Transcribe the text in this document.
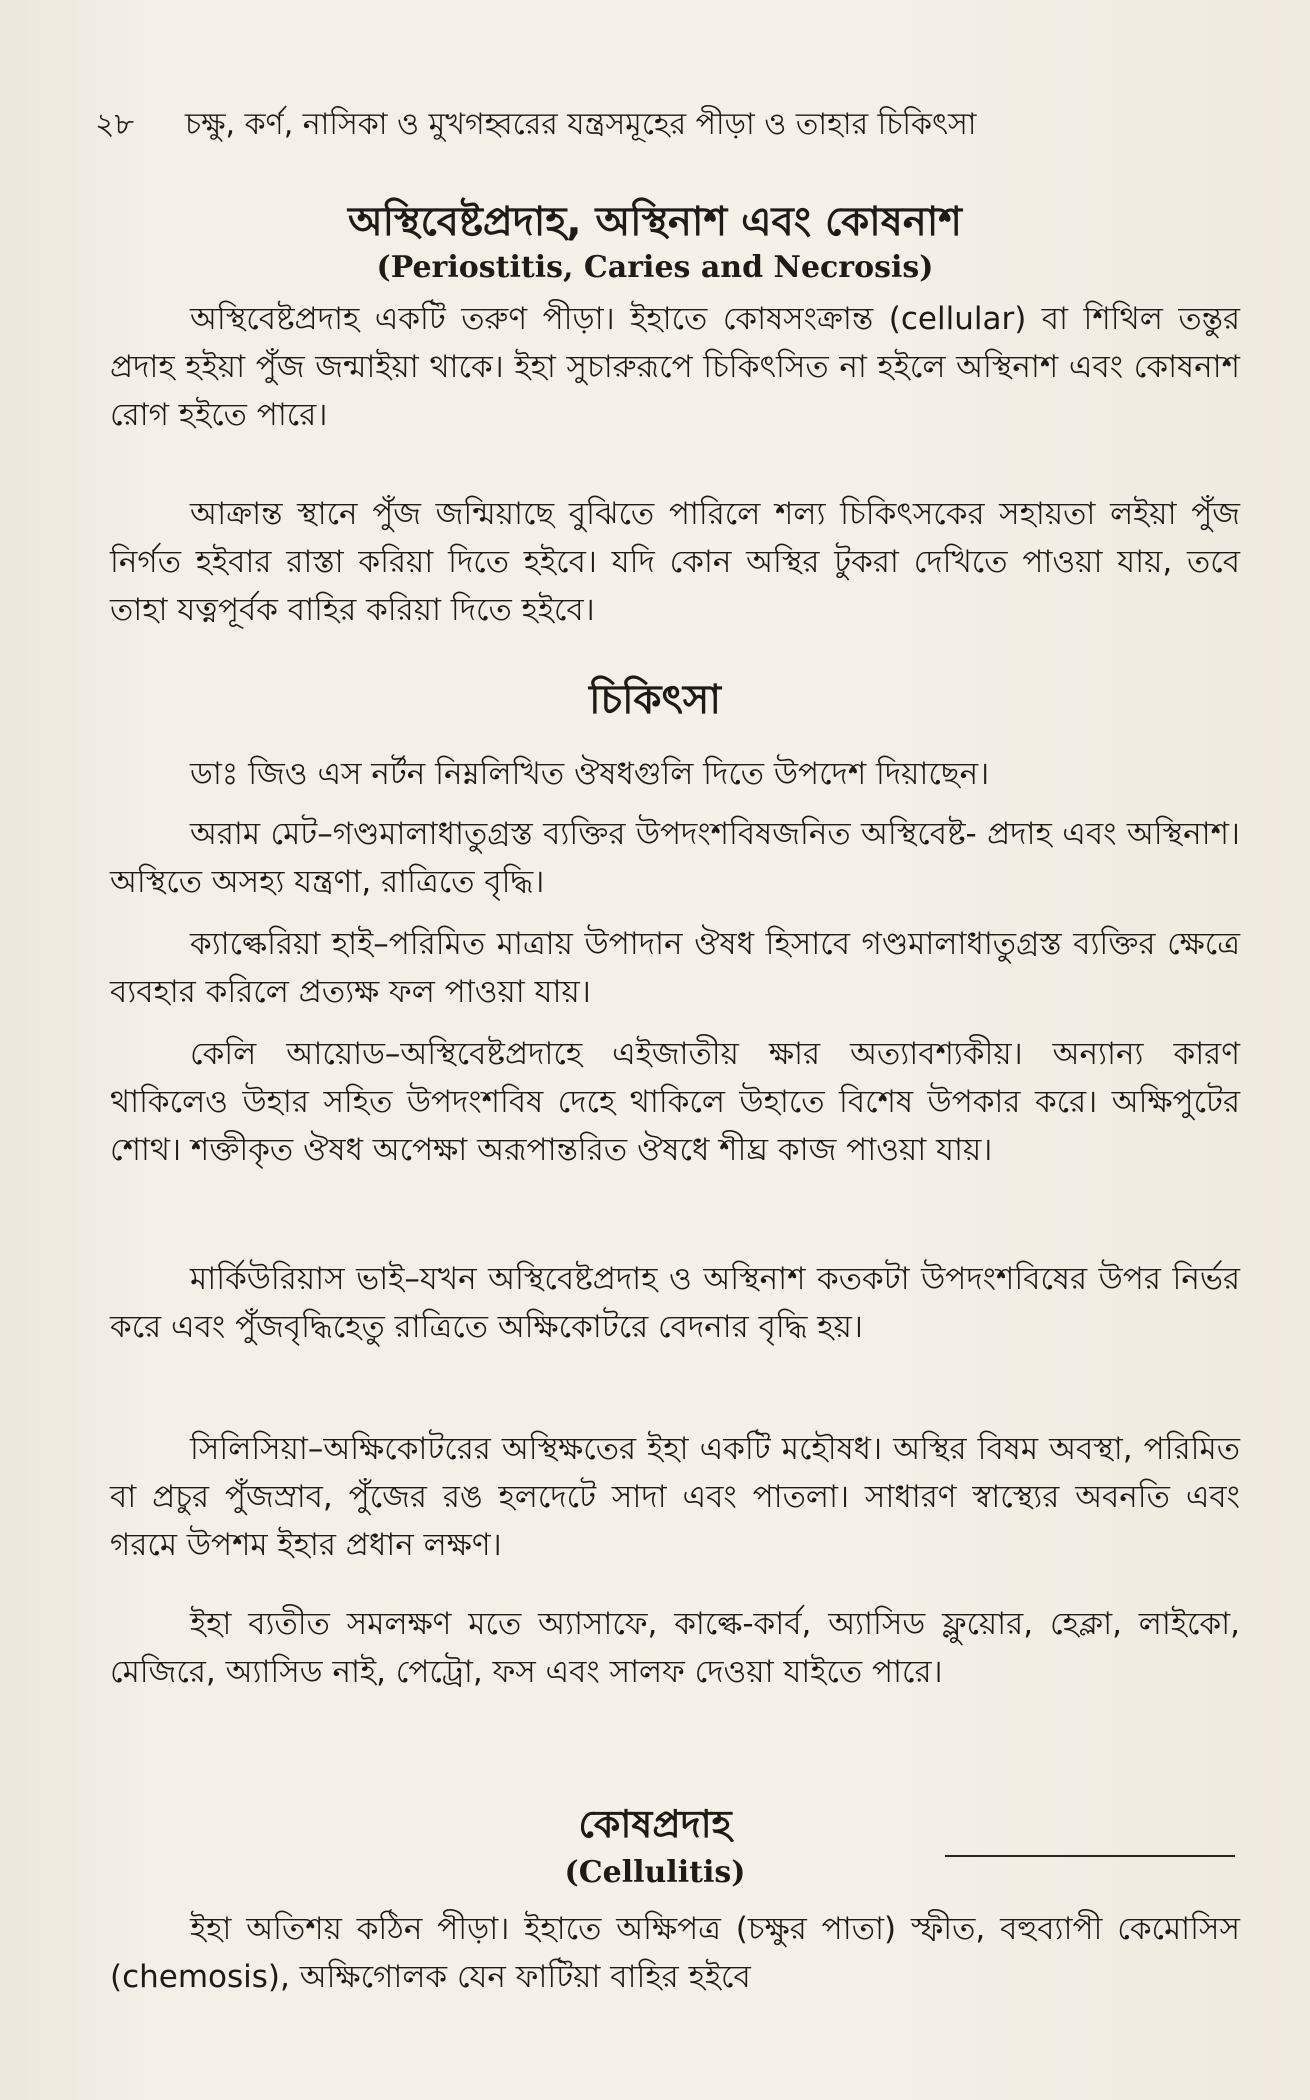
২৮	চক্ষু, কর্ণ, নাসিকা ও মুখগহ্বরের যন্ত্রসমূহের পীড়া ও তাহার চিকিৎসা
অস্থিবেষ্টপ্রদাহ, অস্থিনাশ এবং কোষনাশ
(Periostitis, Caries and Necrosis)

অস্থিবেষ্টপ্রদাহ একটি তরুণ পীড়া। ইহাতে কোষসংক্রান্ত (cellular) বা শিথিল তন্তুর প্রদাহ হইয়া পুঁজ জন্মাইয়া থাকে। ইহা সুচারুরূপে চিকিৎসিত না হইলে অস্থিনাশ এবং কোষনাশ রোগ হইতে পারে।

আক্রান্ত স্থানে পুঁজ জন্মিয়াছে বুঝিতে পারিলে শল্য চিকিৎসকের সহায়তা লইয়া পুঁজ নির্গত হইবার রাস্তা করিয়া দিতে হইবে। যদি কোন অস্থির টুকরা দেখিতে পাওয়া যায়, তবে তাহা যত্নপূর্বক বাহির করিয়া দিতে হইবে।

চিকিৎসা

ডাঃ জিও এস নর্টন নিম্নলিখিত ঔষধগুলি দিতে উপদেশ দিয়াছেন।

অরাম মেট–গণ্ডমালাধাতুগ্রস্ত ব্যক্তির উপদংশবিষজনিত অস্থিবেষ্ট- প্রদাহ এবং অস্থিনাশ। অস্থিতে অসহ্য যন্ত্রণা, রাত্রিতে বৃদ্ধি।

ক্যাল্কেরিয়া হাই–পরিমিত মাত্রায় উপাদান ঔষধ হিসাবে গণ্ডমালাধাতুগ্রস্ত ব্যক্তির ক্ষেত্রে ব্যবহার করিলে প্রত্যক্ষ ফল পাওয়া যায়।

কেলি আয়োড–অস্থিবেষ্টপ্রদাহে এইজাতীয় ক্ষার অত্যাবশ্যকীয়। অন্যান্য কারণ থাকিলেও উহার সহিত উপদংশবিষ দেহে থাকিলে উহাতে বিশেষ উপকার করে। অক্ষিপুটের শোথ। শক্তীকৃত ঔষধ অপেক্ষা অরূপান্তরিত ঔষধে শীঘ্র কাজ পাওয়া যায়।

মার্কিউরিয়াস ভাই–যখন অস্থিবেষ্টপ্রদাহ ও অস্থিনাশ কতকটা উপদংশবিষের উপর নির্ভর করে এবং পুঁজবৃদ্ধিহেতু রাত্রিতে অক্ষিকোটরে বেদনার বৃদ্ধি হয়।

সিলিসিয়া–অক্ষিকোটরের অস্থিক্ষতের ইহা একটি মহৌষধ। অস্থির বিষম অবস্থা, পরিমিত বা প্রচুর পুঁজস্রাব, পুঁজের রঙ হলদেটে সাদা এবং পাতলা। সাধারণ স্বাস্থ্যের অবনতি এবং গরমে উপশম ইহার প্রধান লক্ষণ।

ইহা ব্যতীত সমলক্ষণ মতে অ্যাসাফে, কাল্কে-কার্ব, অ্যাসিড ফ্লুয়োর, হেক্লা, লাইকো, মেজিরে, অ্যাসিড নাই, পেট্রো, ফস এবং সালফ দেওয়া যাইতে পারে।

কোষপ্রদাহ
(Cellulitis)

ইহা অতিশয় কঠিন পীড়া। ইহাতে অক্ষিপত্র (চক্ষুর পাতা) স্ফীত, বহুব্যাপী কেমোসিস (chemosis), অক্ষিগোলক যেন ফাটিয়া বাহির হইবে
